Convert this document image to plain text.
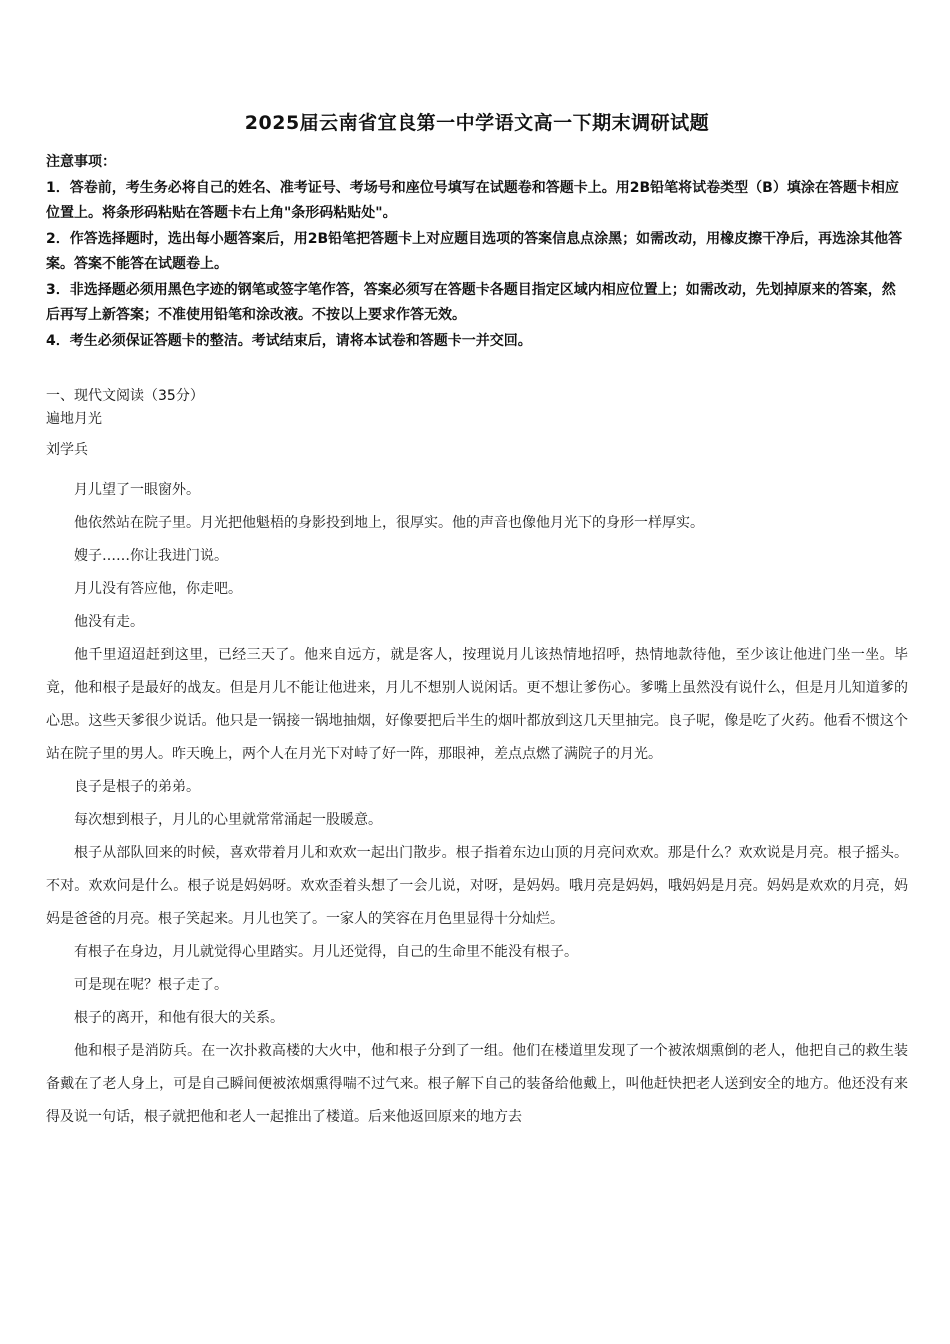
2025届云南省宜良第一中学语文高一下期末调研试题

注意事项：

1．答卷前，考生务必将自己的姓名、准考证号、考场号和座位号填写在试题卷和答题卡上。用2B铅笔将试卷类型（B）填涂在答题卡相应位置上。将条形码粘贴在答题卡右上角"条形码粘贴处"。

2．作答选择题时，选出每小题答案后，用2B铅笔把答题卡上对应题目选项的答案信息点涂黑；如需改动，用橡皮擦干净后，再选涂其他答案。答案不能答在试题卷上。

3．非选择题必须用黑色字迹的钢笔或签字笔作答，答案必须写在答题卡各题目指定区域内相应位置上；如需改动，先划掉原来的答案，然后再写上新答案；不准使用铅笔和涂改液。不按以上要求作答无效。

4．考生必须保证答题卡的整洁。考试结束后，请将本试卷和答题卡一并交回。

一、现代文阅读（35分）

遍地月光

刘学兵

月儿望了一眼窗外。

他依然站在院子里。月光把他魁梧的身影投到地上，很厚实。他的声音也像他月光下的身形一样厚实。

嫂子……你让我进门说。

月儿没有答应他，你走吧。

他没有走。

他千里迢迢赶到这里，已经三天了。他来自远方，就是客人，按理说月儿该热情地招呼，热情地款待他，至少该让他进门坐一坐。毕竟，他和根子是最好的战友。但是月儿不能让他进来，月儿不想别人说闲话。更不想让爹伤心。爹嘴上虽然没有说什么，但是月儿知道爹的心思。这些天爹很少说话。他只是一锅接一锅地抽烟，好像要把后半生的烟叶都放到这几天里抽完。良子呢，像是吃了火药。他看不惯这个站在院子里的男人。昨天晚上，两个人在月光下对峙了好一阵，那眼神，差点点燃了满院子的月光。

良子是根子的弟弟。

每次想到根子，月儿的心里就常常涌起一股暖意。

根子从部队回来的时候，喜欢带着月儿和欢欢一起出门散步。根子指着东边山顶的月亮问欢欢。那是什么？欢欢说是月亮。根子摇头。不对。欢欢问是什么。根子说是妈妈呀。欢欢歪着头想了一会儿说，对呀，是妈妈。哦月亮是妈妈，哦妈妈是月亮。妈妈是欢欢的月亮，妈妈是爸爸的月亮。根子笑起来。月儿也笑了。一家人的笑容在月色里显得十分灿烂。

有根子在身边，月儿就觉得心里踏实。月儿还觉得，自己的生命里不能没有根子。

可是现在呢？根子走了。

根子的离开，和他有很大的关系。

他和根子是消防兵。在一次扑救高楼的大火中，他和根子分到了一组。他们在楼道里发现了一个被浓烟熏倒的老人，他把自己的救生装备戴在了老人身上，可是自己瞬间便被浓烟熏得喘不过气来。根子解下自己的装备给他戴上，叫他赶快把老人送到安全的地方。他还没有来得及说一句话，根子就把他和老人一起推出了楼道。后来他返回原来的地方去
